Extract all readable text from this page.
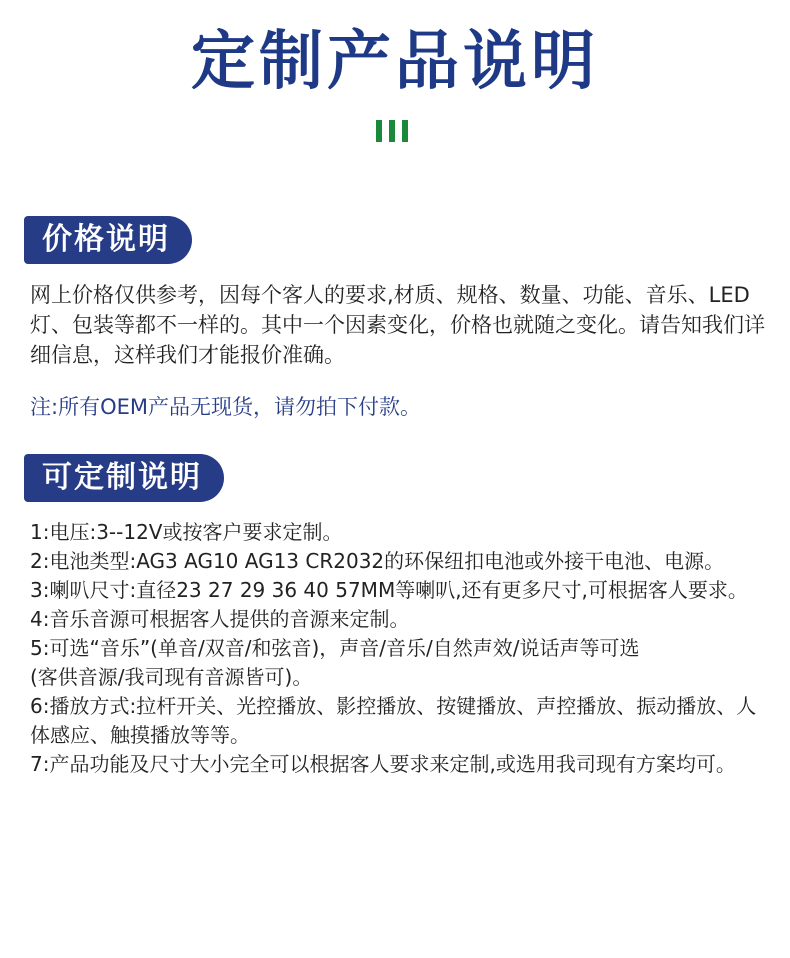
定制产品说明
价格说明
网上价格仅供参考，因每个客人的要求,材质、规格、数量、功能、音乐、LED灯、包装等都不一样的。其中一个因素变化，价格也就随之变化。请告知我们详细信息，这样我们才能报价准确。
注:所有OEM产品无现货，请勿拍下付款。
可定制说明
1:电压:3--12V或按客户要求定制。
2:电池类型:AG3 AG10 AG13 CR2032的环保纽扣电池或外接干电池、电源。
3:喇叭尺寸:直径23 27 29 36 40 57MM等喇叭,还有更多尺寸,可根据客人要求。
4:音乐音源可根据客人提供的音源来定制。
5:可选“音乐”(单音/双音/和弦音)，声音/音乐/自然声效/说话声等可选
(客供音源/我司现有音源皆可)。
6:播放方式:拉杆开关、光控播放、影控播放、按键播放、声控播放、振动播放、人体感应、触摸播放等等。
7:产品功能及尺寸大小完全可以根据客人要求来定制,或选用我司现有方案均可。
